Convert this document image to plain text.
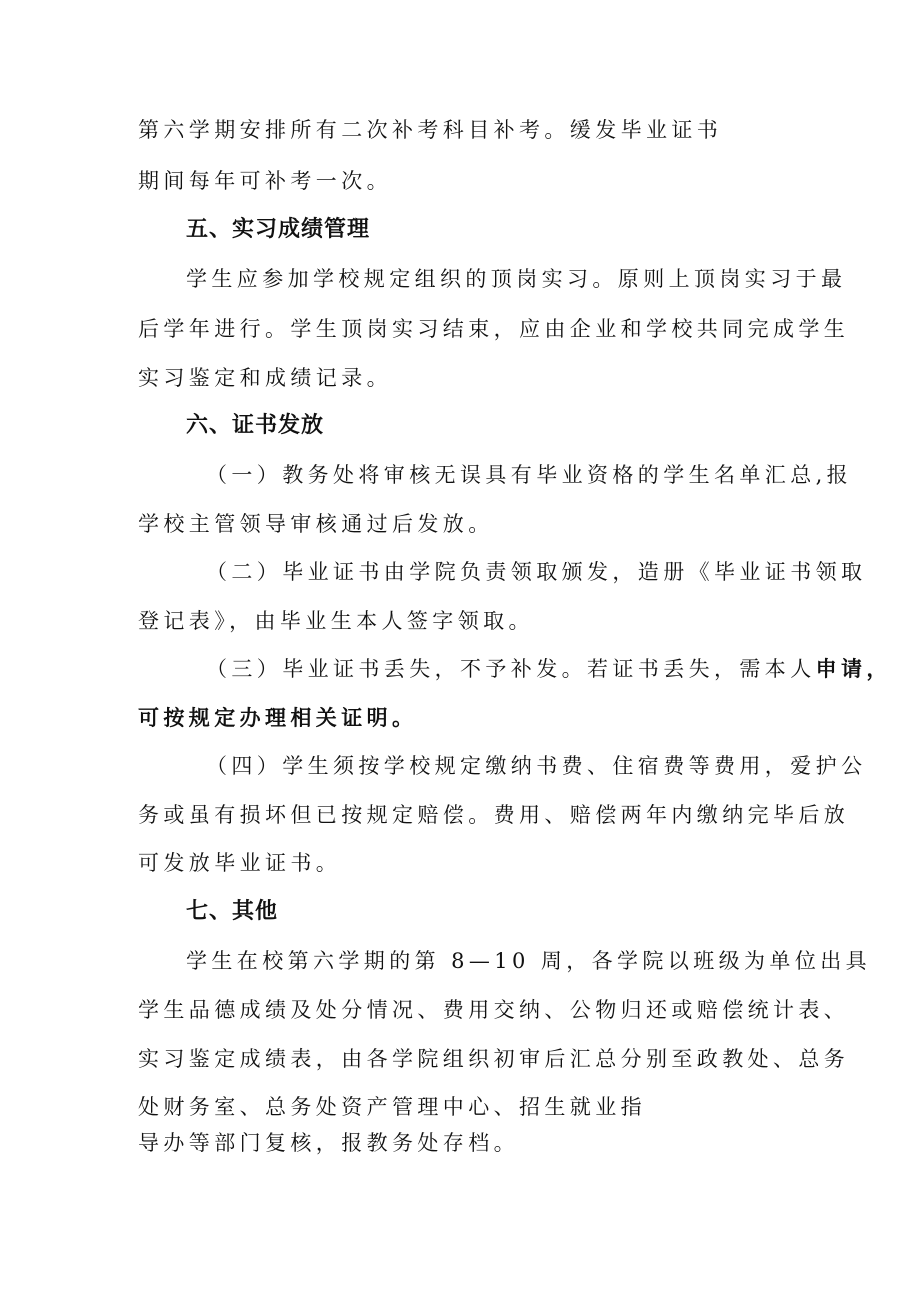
第六学期安排所有二次补考科目补考。缓发毕业证书
期间每年可补考一次。
五、实习成绩管理
学生应参加学校规定组织的顶岗实习。原则上顶岗实习于最
后学年进行。学生顶岗实习结束，应由企业和学校共同完成学生
实习鉴定和成绩记录。
六、证书发放
（一）教务处将审核无误具有毕业资格的学生名单汇总,报
学校主管领导审核通过后发放。
（二）毕业证书由学院负责领取颁发，造册《毕业证书领取
登记表》，由毕业生本人签字领取。
（三）毕业证书丢失，不予补发。若证书丢失，需本人申请，
可按规定办理相关证明。
（四）学生须按学校规定缴纳书费、住宿费等费用，爱护公
务或虽有损坏但已按规定赔偿。费用、赔偿两年内缴纳完毕后放
可发放毕业证书。
七、其他
学生在校第六学期的第 8—10 周，各学院以班级为单位出具
学生品德成绩及处分情况、费用交纳、公物归还或赔偿统计表、
实习鉴定成绩表，由各学院组织初审后汇总分别至政教处、总务
处财务室、总务处资产管理中心、招生就业指
导办等部门复核，报教务处存档。
